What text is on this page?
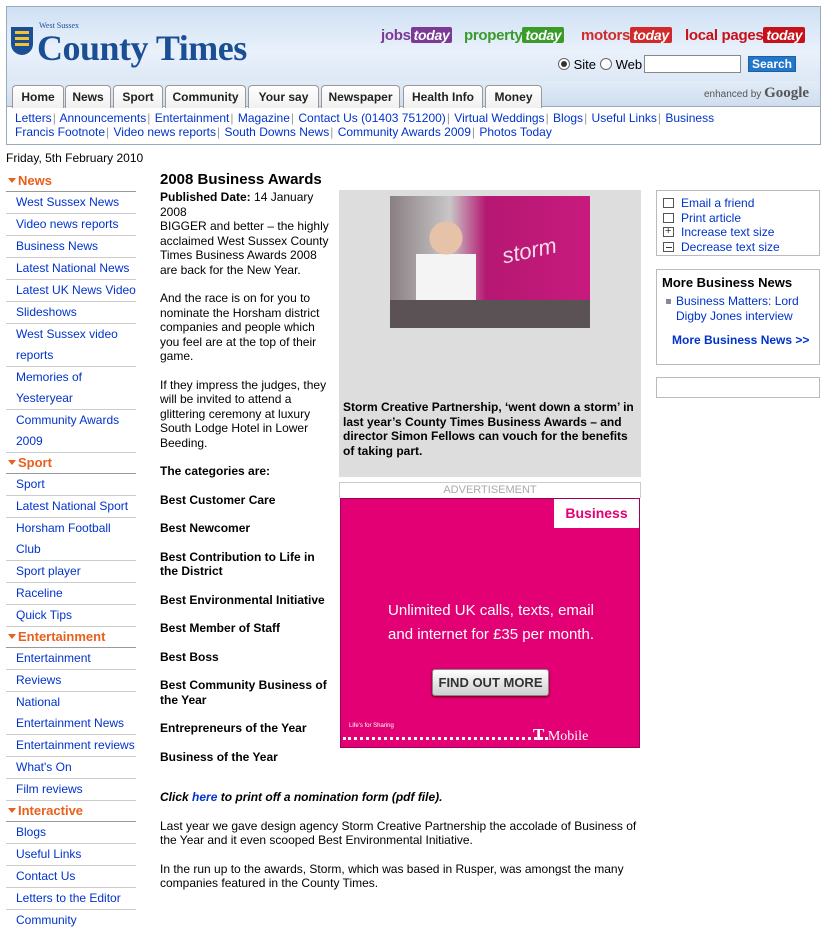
West Sussex
County Times	jobs today property today motors today local pages today
Site	Web	Search
Home	News	Sport	Community	Your say	Newspaper	Health Info	Money	enhanced by Google
Letters| Announcements| Entertainment| Magazine| Contact Us (01403 751200)| Virtual Weddings| Blogs| Useful Links| Business
Francis Footnote| Video news reports| South Downs News| Community Awards 2009| Photos Today
Friday, 5th February 2010
News
West Sussex News
Video news reports
Business News
Latest National News
Latest UK News Video
Slideshows
West Sussex video
reports
Memories of
Yesteryear
Community Awards
2009
Sport
Sport
Latest National Sport
Horsham Football
Club
Sport player
Raceline
Quick Tips
Entertainment
Entertainment
Reviews
National
Entertainment News
Entertainment reviews
What's On
Film reviews
Interactive
Blogs
Useful Links
Contact Us
Letters to the Editor
Community
2008 Business Awards

Published Date: 14 January 2008
BIGGER and better – the highly acclaimed West Sussex County Times Business Awards 2008 are back for the New Year.

And the race is on for you to nominate the Horsham district companies and people which you feel are at the top of their game.

If they impress the judges, they will be invited to attend a glittering ceremony at luxury South Lodge Hotel in Lower Beeding.

The categories are:
Best Customer Care
Best Newcomer
Best Contribution to Life in the District
Best Environmental Initiative
Best Member of Staff
Best Boss
Best Community Business of the Year
Entrepreneurs of the Year
Business of the Year

Click here to print off a nomination form (pdf file).

Last year we gave design agency Storm Creative Partnership the accolade of Business of the Year and it even scooped Best Environmental Initiative.

In the run up to the awards, Storm, which was based in Rusper, was amongst the many companies featured in the County Times.

storm
Storm Creative Partnership, ‘went down a storm’ in last year’s County Times Business Awards – and director Simon Fellows can vouch for the benefits of taking part.
ADVERTISEMENT
Business
Unlimited UK calls, texts, email
and internet for £35 per month.
FIND OUT MORE
Life's for Sharing	T Mobile
Email a friend
Print article
+Increase text size
Decrease text size
More Business News
Business Matters: Lord Digby Jones interview
More Business News >>
